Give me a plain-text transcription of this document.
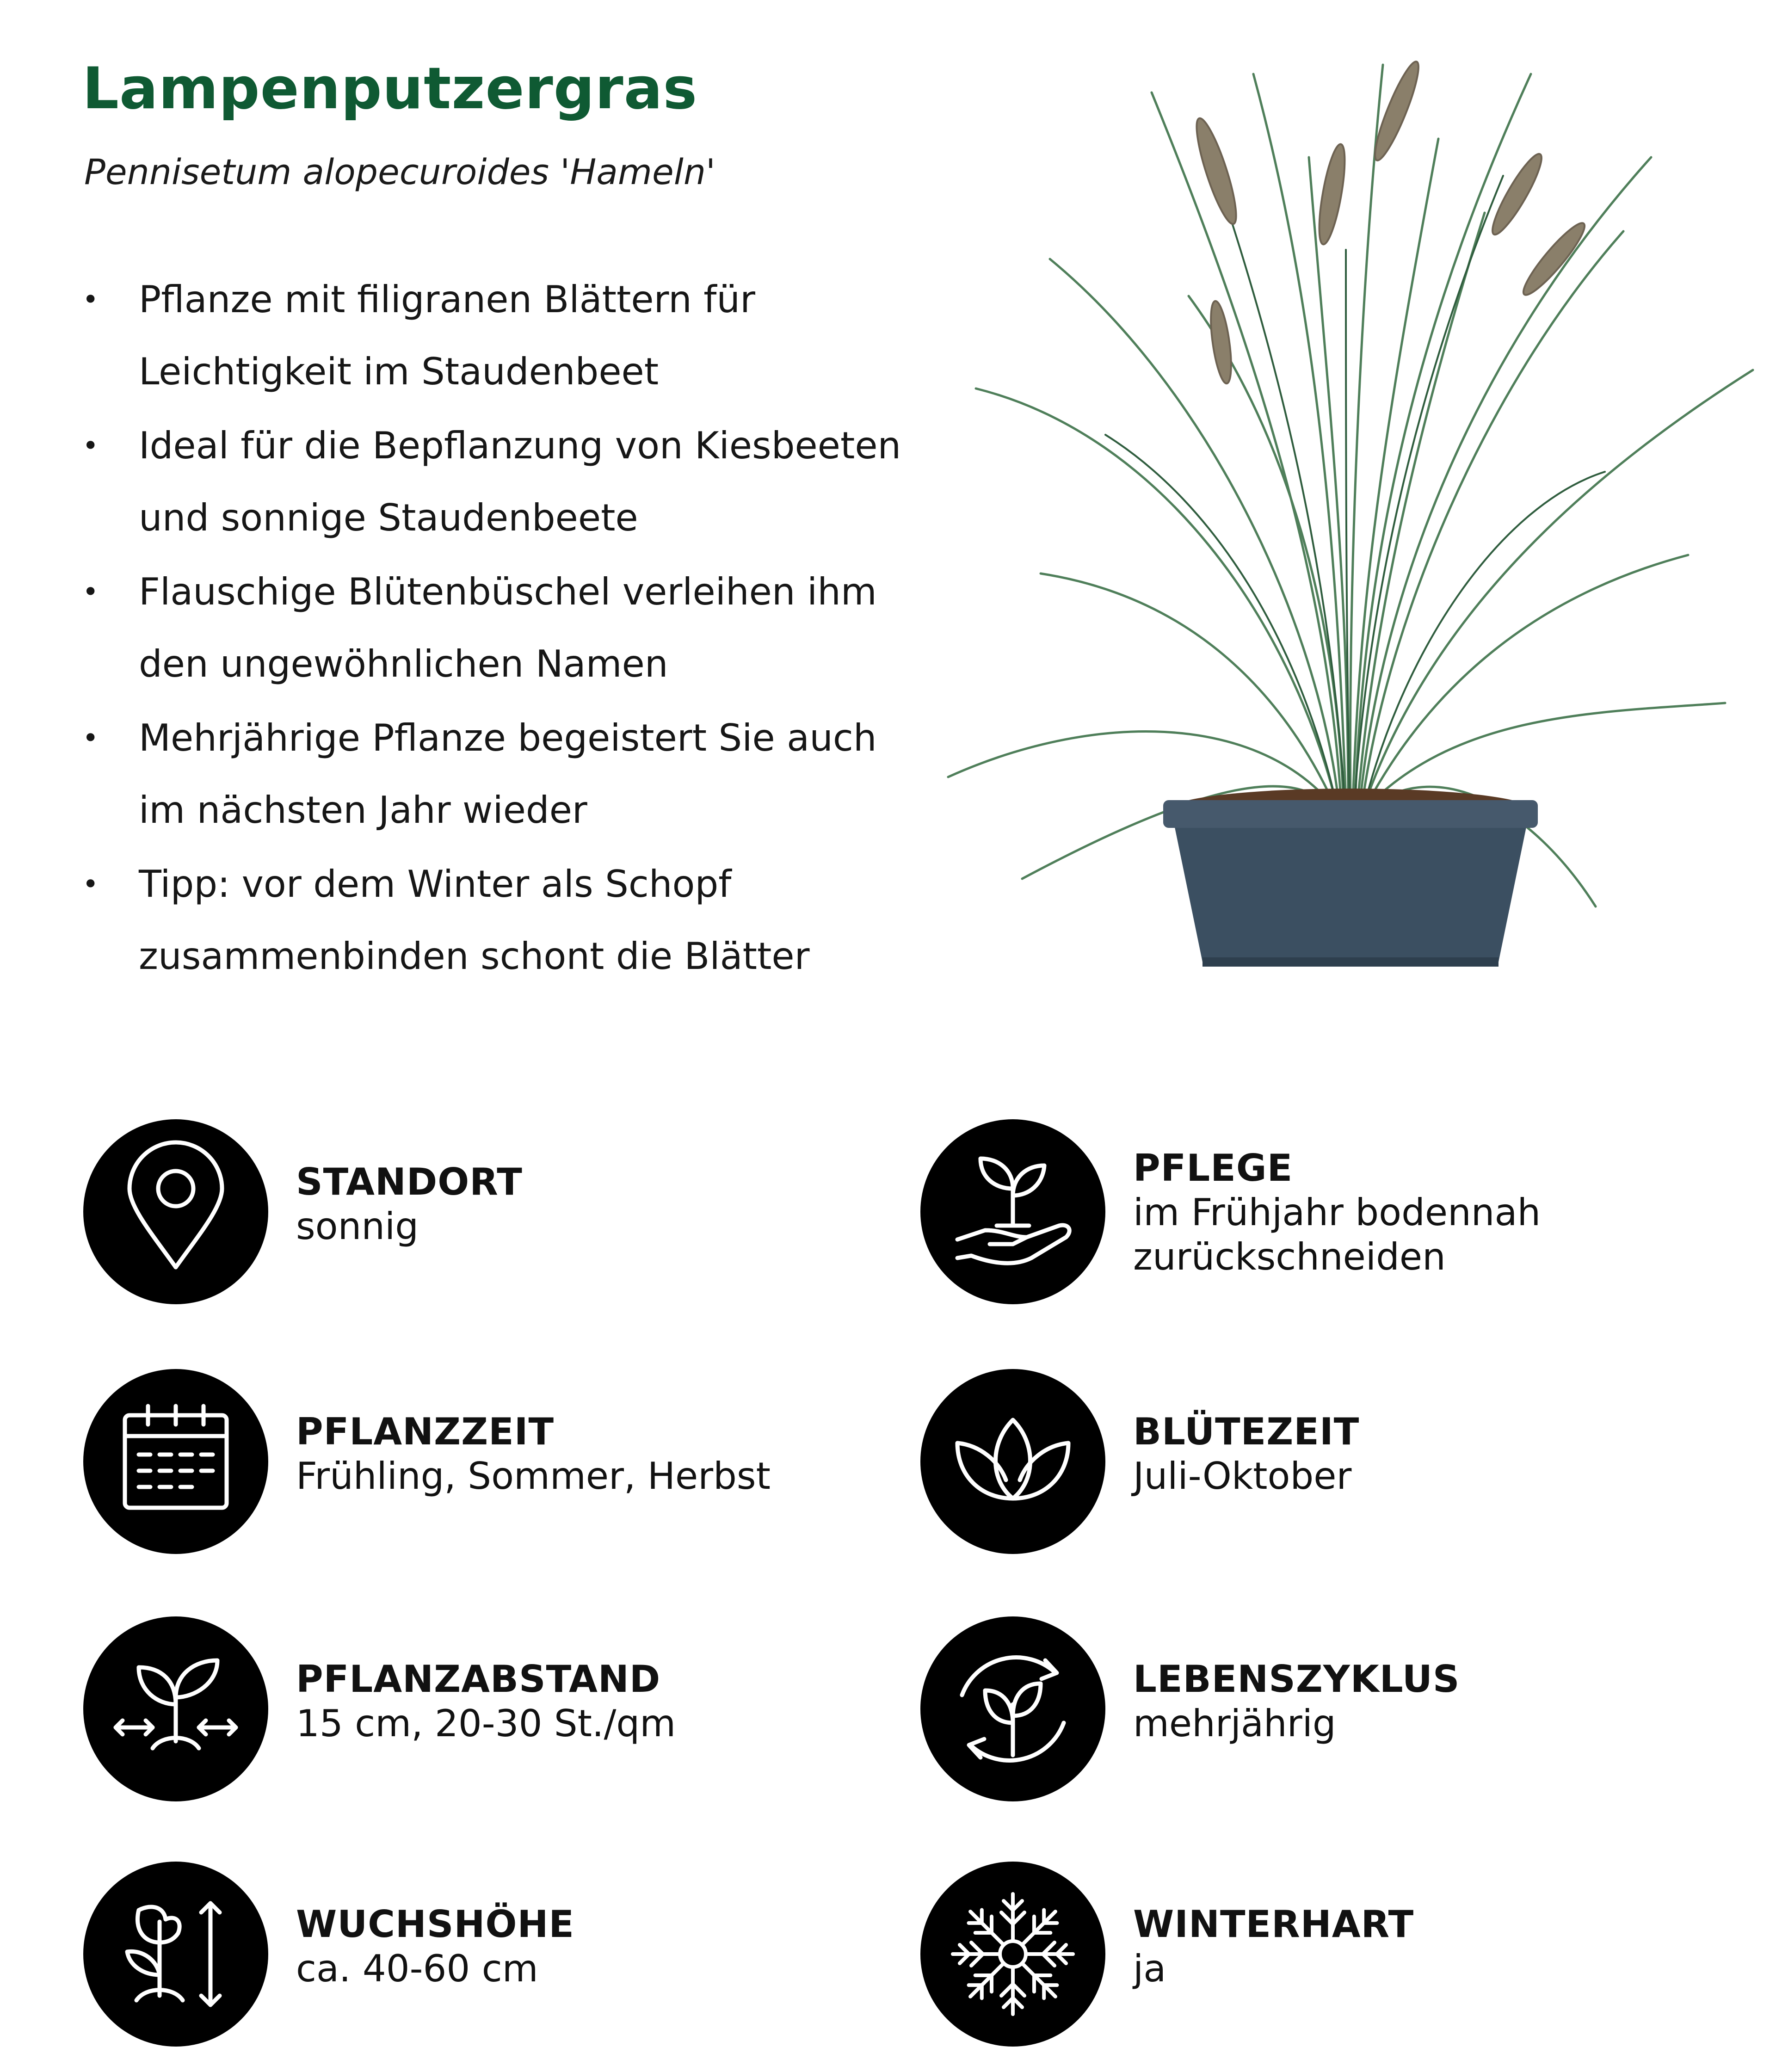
Lampenputzergras
Pennisetum alopecuroides 'Hameln'
• Pflanze mit filigranen Blättern für Leichtigkeit im Staudenbeet
• Ideal für die Bepflanzung von Kiesbeeten und sonnige Staudenbeete
• Flauschige Blütenbüschel verleihen ihm den ungewöhnlichen Namen
• Mehrjährige Pflanze begeistert Sie auch im nächsten Jahr wieder
• Tipp: vor dem Winter als Schopf zusammenbinden schont die Blätter
STANDORT
sonnig
PFLEGE
im Frühjahr bodennah zurückschneiden
PFLANZZEIT
Frühling, Sommer, Herbst
BLÜTEZEIT
Juli-Oktober
PFLANZABSTAND
15 cm, 20-30 St./qm
LEBENSZYKLUS
mehrjährig
WUCHSHÖHE
ca. 40-60 cm
WINTERHART
ja
